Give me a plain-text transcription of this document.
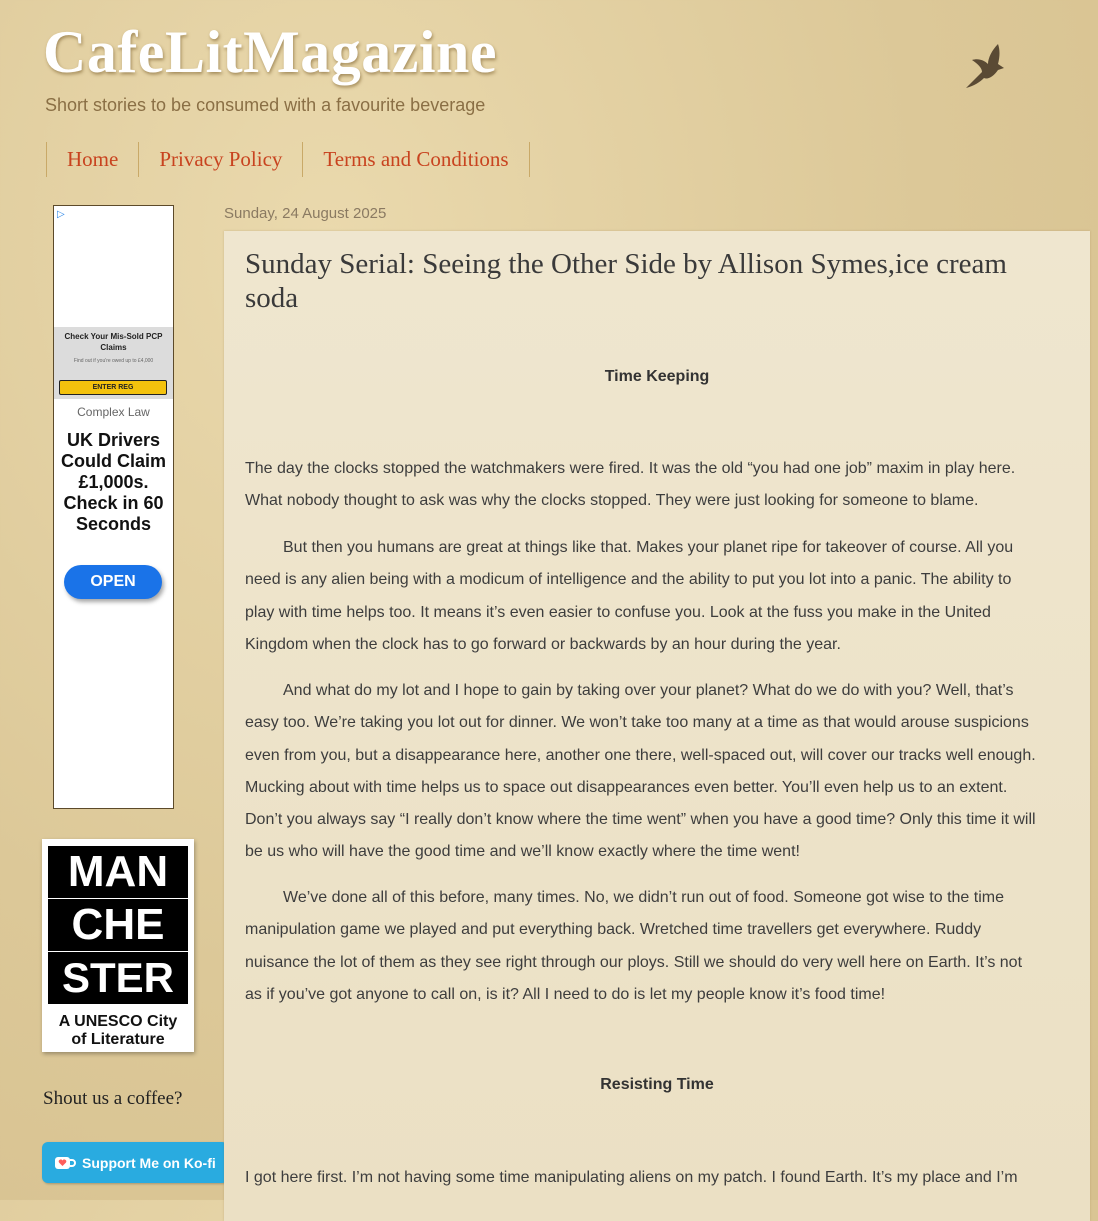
CafeLitMagazine
Short stories to be consumed with a favourite beverage
Home	Privacy Policy	Terms and Conditions
▷
Check Your Mis-Sold PCP Claims
Find out if you're owed up to £4,000
ENTER REG
Complex Law
UK Drivers Could Claim £1,000s. Check in 60 Seconds
OPEN
MAN
CHE
STER
A UNESCO City
of Literature
Shout us a coffee?
Support Me on Ko-fi
Sunday, 24 August 2025
Sunday Serial: Seeing the Other Side by Allison Symes,ice cream soda
Time Keeping

The day the clocks stopped the watchmakers were fired. It was the old “you had one job” maxim in play here. What nobody thought to ask was why the clocks stopped. They were just looking for someone to blame.

But then you humans are great at things like that. Makes your planet ripe for takeover of course. All you need is any alien being with a modicum of intelligence and the ability to put you lot into a panic. The ability to play with time helps too. It means it’s even easier to confuse you. Look at the fuss you make in the United Kingdom when the clock has to go forward or backwards by an hour during the year.

And what do my lot and I hope to gain by taking over your planet? What do we do with you? Well, that’s easy too. We’re taking you lot out for dinner. We won’t take too many at a time as that would arouse suspicions even from you, but a disappearance here, another one there, well-spaced out, will cover our tracks well enough. Mucking about with time helps us to space out disappearances even better. You’ll even help us to an extent. Don’t you always say “I really don’t know where the time went” when you have a good time? Only this time it will be us who will have the good time and we’ll know exactly where the time went!

We’ve done all of this before, many times. No, we didn’t run out of food. Someone got wise to the time manipulation game we played and put everything back. Wretched time travellers get everywhere. Ruddy nuisance the lot of them as they see right through our ploys. Still we should do very well here on Earth. It’s not as if you’ve got anyone to call on, is it? All I need to do is let my people know it’s food time!

Resisting Time

I got here first. I’m not having some time manipulating aliens on my patch. I found Earth. It’s my place and I’m
